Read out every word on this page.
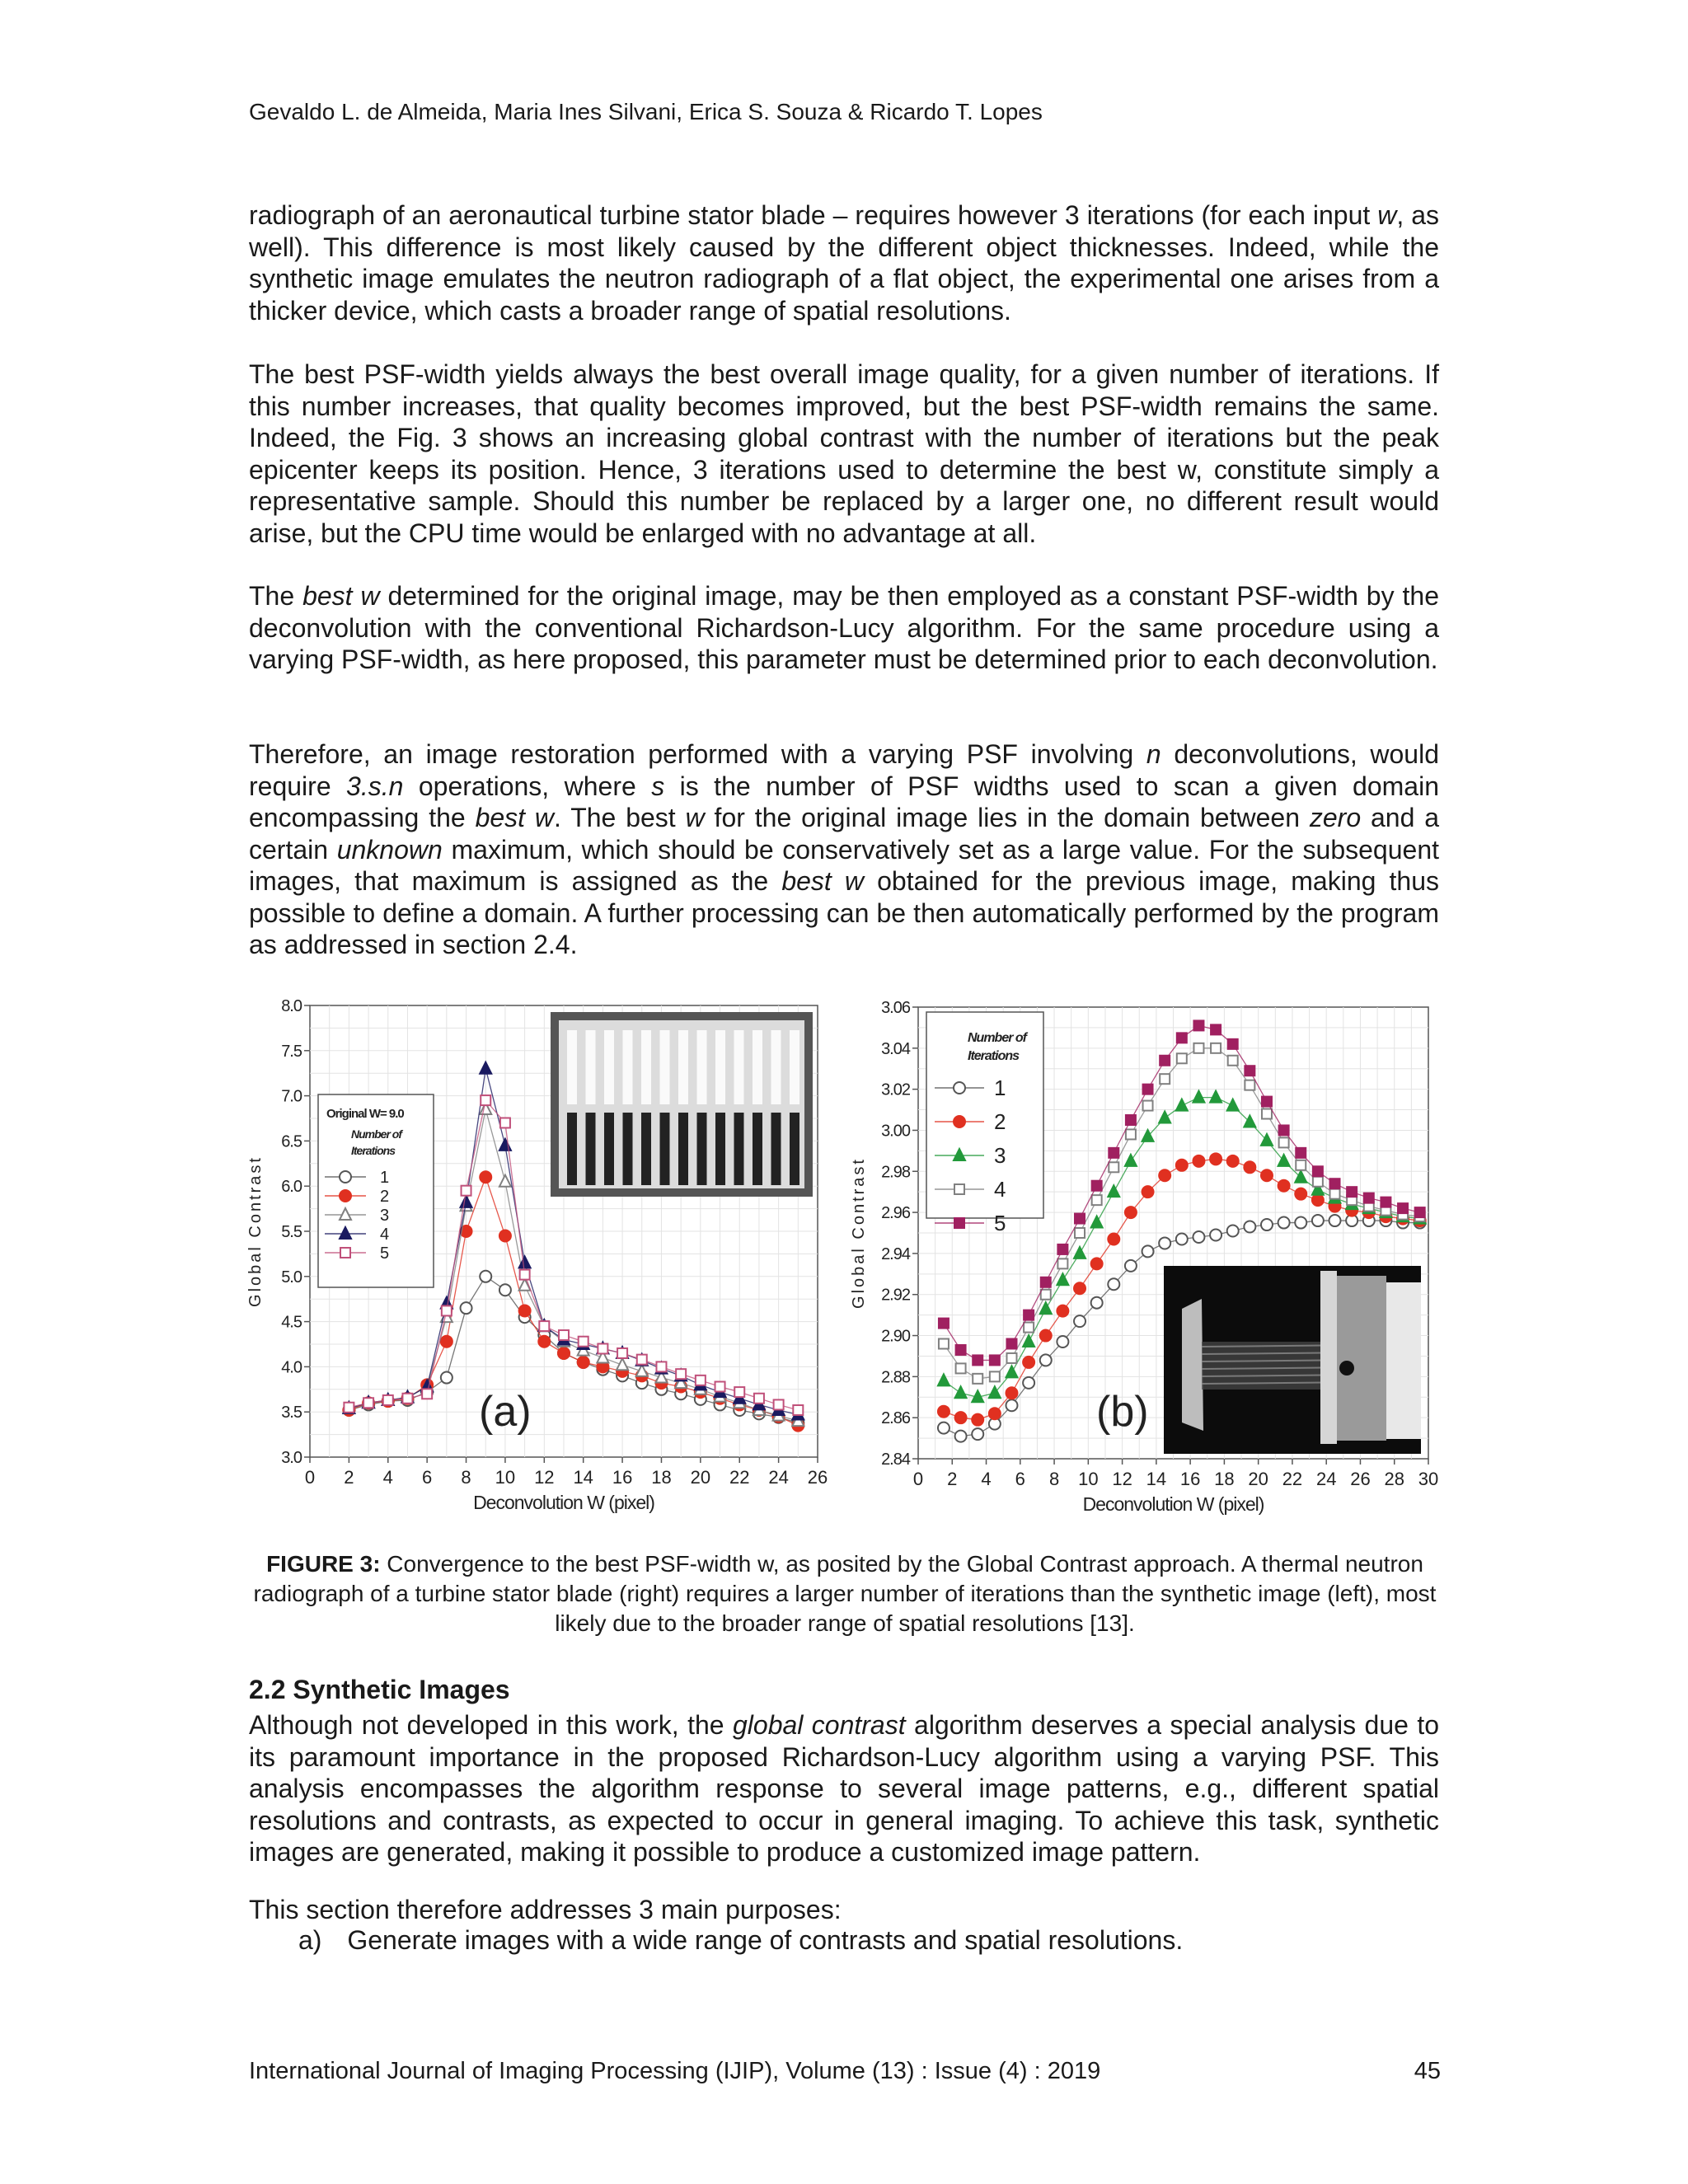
Gevaldo L. de Almeida, Maria Ines Silvani, Erica S. Souza & Ricardo T. Lopes
radiograph of an aeronautical turbine stator blade – requires however 3 iterations (for each input w, as well). This difference is most likely caused by the different object thicknesses. Indeed, while the synthetic image emulates the neutron radiograph of a flat object, the experimental one arises from a thicker device, which casts a broader range of spatial resolutions.
The best PSF-width yields always the best overall image quality, for a given number of iterations. If this number increases, that quality becomes improved, but the best PSF-width remains the same. Indeed, the Fig. 3 shows an increasing global contrast with the number of iterations but the peak epicenter keeps its position. Hence, 3 iterations used to determine the best w, constitute simply a representative sample. Should this number be replaced by a larger one, no different result would arise, but the CPU time would be enlarged with no advantage at all.
The best w determined for the original image, may be then employed as a constant PSF-width by the deconvolution with the conventional Richardson-Lucy algorithm. For the same procedure using a varying PSF-width, as here proposed, this parameter must be determined prior to each deconvolution.
Therefore, an image restoration performed with a varying PSF involving n deconvolutions, would require 3.s.n operations, where s is the number of PSF widths used to scan a given domain encompassing the best w. The best w for the original image lies in the domain between zero and a certain unknown maximum, which should be conservatively set as a large value. For the subsequent images, that maximum is assigned as the best w obtained for the previous image, making thus possible to define a domain. A further processing can be then automatically performed by the program as addressed in section 2.4.
0 2 4 6 8 10 12 14 16 18 20 22 24 26
3.0
3.5
4.0
4.5
5.0
5.5
6.0
6.5
7.0
7.5
8.0
Deconvolution W (pixel)
Global Contrast
Original W= 9.0
Number of
Iterations
1
2
3
4
5
(a)
0 2 4 6 8 10 12 14 16 18 20 22 24 26 28 30
2.84
2.86
2.88
2.90
2.92
2.94
2.96
2.98
3.00
3.02
3.04
3.06
Deconvolution W (pixel)
Global Contrast
Number of
Iterations
1
2
3
4
5
(b)
FIGURE 3: Convergence to the best PSF-width w, as posited by the Global Contrast approach. A thermal neutron radiograph of a turbine stator blade (right) requires a larger number of iterations than the synthetic image (left), most likely due to the broader range of spatial resolutions [13].
2.2 Synthetic Images
Although not developed in this work, the global contrast algorithm deserves a special analysis due to its paramount importance in the proposed Richardson-Lucy algorithm using a varying PSF. This analysis encompasses the algorithm response to several image patterns, e.g., different spatial resolutions and contrasts, as expected to occur in general imaging. To achieve this task, synthetic images are generated, making it possible to produce a customized image pattern.
This section therefore addresses 3 main purposes:
a) Generate images with a wide range of contrasts and spatial resolutions.
International Journal of Imaging Processing (IJIP), Volume (13) : Issue (4) : 2019	45
